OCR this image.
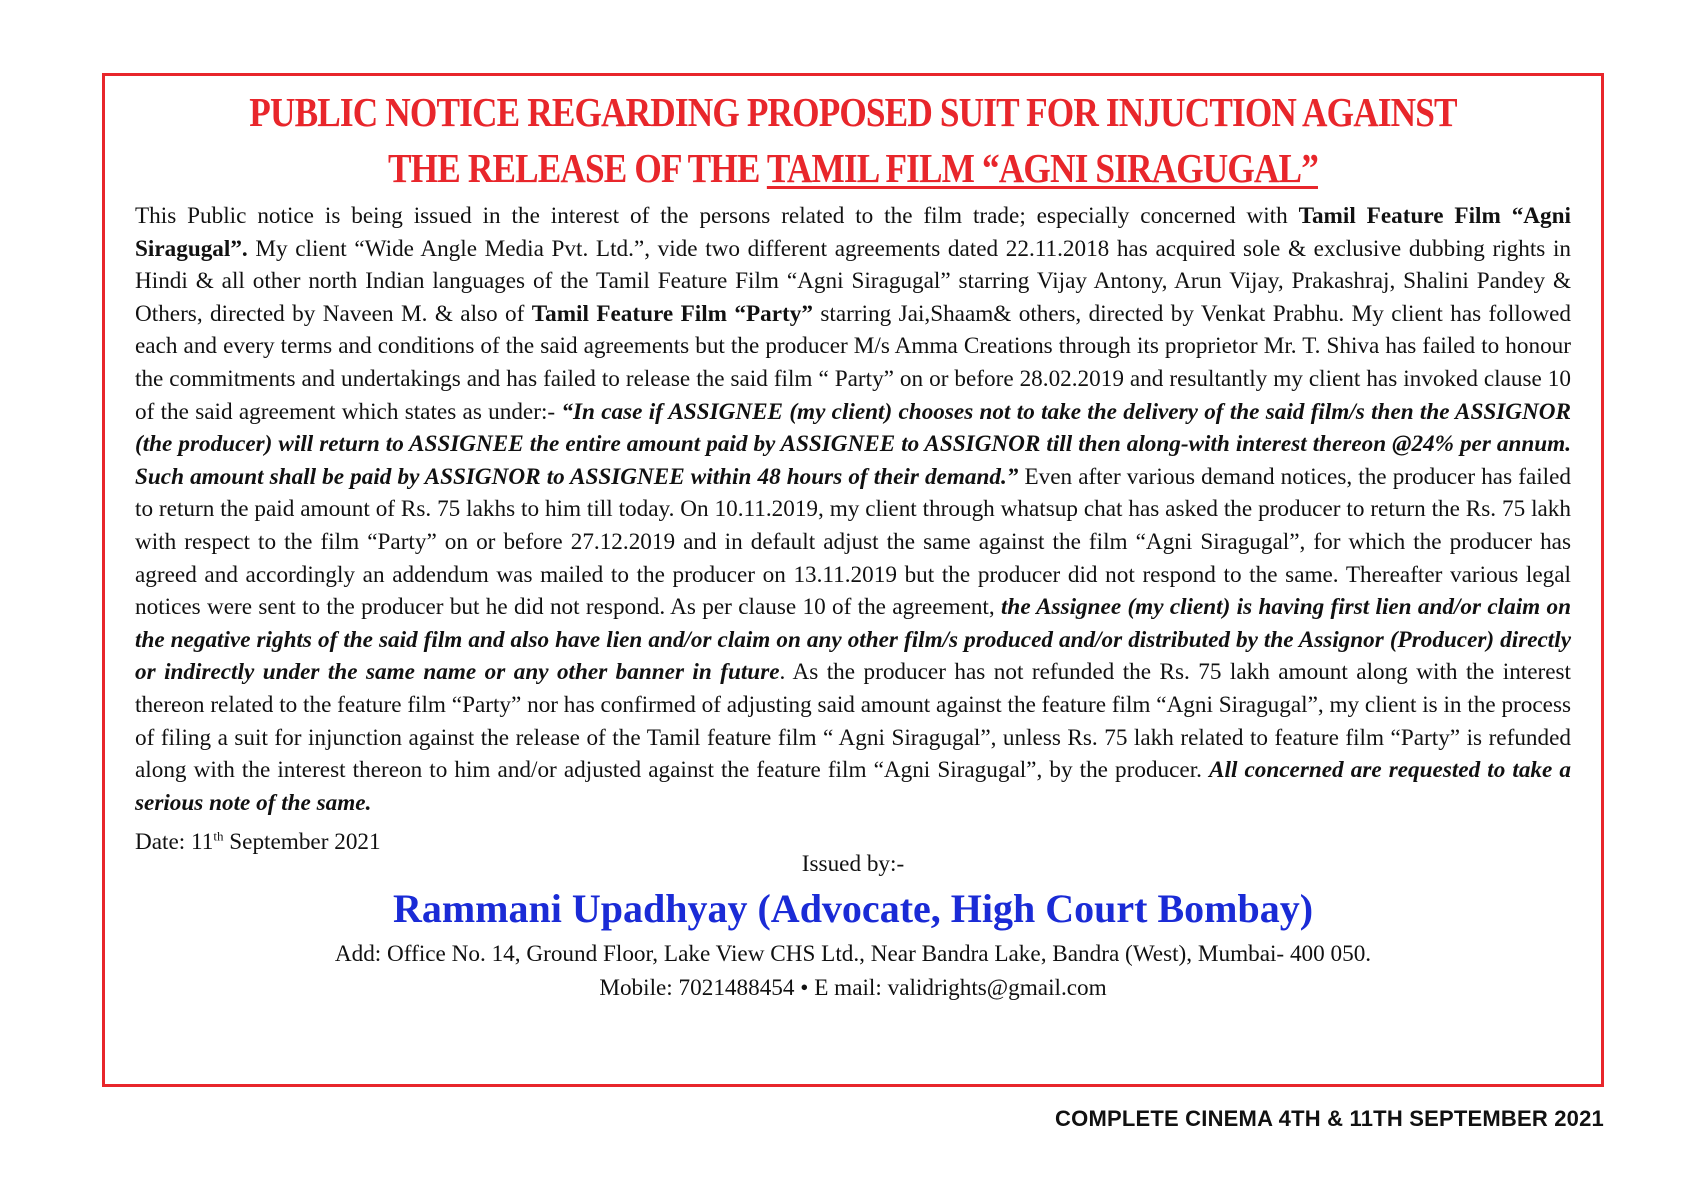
PUBLIC NOTICE REGARDING PROPOSED SUIT FOR INJUCTION AGAINST
THE RELEASE OF THE TAMIL FILM “AGNI SIRAGUGAL”
This Public notice is being issued in the interest of the persons related to the film trade; especially concerned with Tamil Feature Film “Agni Siragugal”. My client “Wide Angle Media Pvt. Ltd.”, vide two different agreements dated 22.11.2018 has acquired sole & exclusive dubbing rights in Hindi & all other north Indian languages of the Tamil Feature Film “Agni Siragugal” starring Vijay Antony, Arun Vijay, Prakashraj, Shalini Pandey & Others, directed by Naveen M. & also of Tamil Feature Film “Party” starring Jai,Shaam& others, directed by Venkat Prabhu. My client has followed each and every terms and conditions of the said agreements but the producer M/s Amma Creations through its proprietor Mr. T. Shiva has failed to honour the commitments and undertakings and has failed to release the said film “ Party” on or before 28.02.2019 and resultantly my client has invoked clause 10 of the said agreement which states as under:- “In case if ASSIGNEE (my client) chooses not to take the delivery of the said film/s then the ASSIGNOR (the producer) will return to ASSIGNEE the entire amount paid by ASSIGNEE to ASSIGNOR till then along-with interest thereon @24% per annum. Such amount shall be paid by ASSIGNOR to ASSIGNEE within 48 hours of their demand.” Even after various demand notices, the producer has failed to return the paid amount of Rs. 75 lakhs to him till today. On 10.11.2019, my client through whatsup chat has asked the producer to return the Rs. 75 lakh with respect to the film “Party” on or before 27.12.2019 and in default adjust the same against the film “Agni Siragugal”, for which the producer has agreed and accordingly an addendum was mailed to the producer on 13.11.2019 but the producer did not respond to the same. Thereafter various legal notices were sent to the producer but he did not respond. As per clause 10 of the agreement, the Assignee (my client) is having first lien and/or claim on the negative rights of the said film and also have lien and/or claim on any other film/s produced and/or distributed by the Assignor (Producer) directly or indirectly under the same name or any other banner in future. As the producer has not refunded the Rs. 75 lakh amount along with the interest thereon related to the feature film “Party” nor has confirmed of adjusting said amount against the feature film “Agni Siragugal”, my client is in the process of filing a suit for injunction against the release of the Tamil feature film “ Agni Siragugal”, unless Rs. 75 lakh related to feature film “Party” is refunded along with the interest thereon to him and/or adjusted against the feature film “Agni Siragugal”, by the producer. All concerned are requested to take a serious note of the same.
Date: 11th September 2021
Issued by:-
Rammani Upadhyay (Advocate, High Court Bombay)
Add: Office No. 14, Ground Floor, Lake View CHS Ltd., Near Bandra Lake, Bandra (West), Mumbai- 400 050.
Mobile: 7021488454 • E mail: validrights@gmail.com
COMPLETE CINEMA 4TH & 11TH SEPTEMBER 2021
